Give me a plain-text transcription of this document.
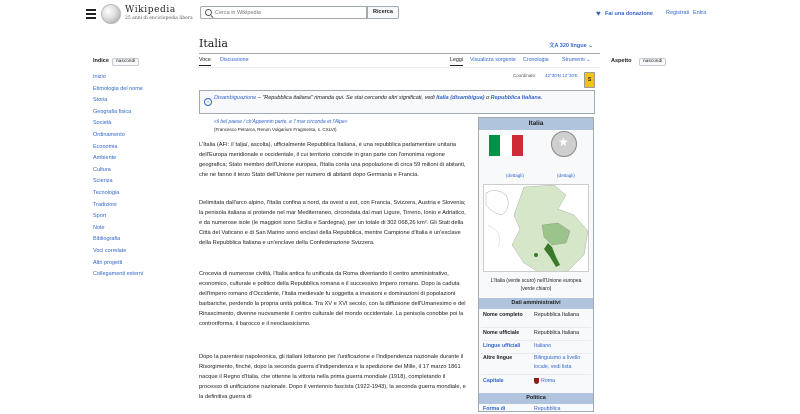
Wikipedia
25 anni di enciclopedia libera
Cerca in Wikipedia
Ricerca	♥ Fai una donazione Registrati Entra
Indice	nascondi
Inizio
Etimologia del nome
Storia
Geografia fisica
Società
Ordinamento
Economia
Ambiente
Cultura
Scienza
Tecnologia
Tradizioni
Sport
Note
Bibliografia
Voci correlate
Altri progetti
Collegamenti esterni
Italia	文A 320 lingue ⌄
Voce Discussione	Leggi Visualizza sorgente Cronologia	Strumenti ⌄	Aspetto	nascondi
Coordinate: 42°30′N 12°30′E
S
+
Disambiguazione – "Repubblica italiana" rimanda qui. Se stai cercando altri significati, vedi Italia (disambigua) o Repubblica Italiana.
«il bel paese / ch'Appennin parte, e 'l mar circonda et l'Alpe»
(Francesco Petrarca, Rerum Vulgarium Fragmenta, s. CXLVI)

L'Italia (AFI: /iˈtalja/, ascolta), ufficialmente Repubblica Italiana, è una repubblica parlamentare unitaria dell'Europa meridionale e occidentale, il cui territorio coincide in gran parte con l'omonima regione geografica; Stato membro dell'Unione europea, l'Italia conta una popolazione di circa 59 milioni di abitanti, che ne fanno il terzo Stato dell'Unione per numero di abitanti dopo Germania e Francia.

Delimitata dall'arco alpino, l'Italia confina a nord, da ovest a est, con Francia, Svizzera, Austria e Slovenia; la penisola italiana si protende nel mar Mediterraneo, circondata dai mari Ligure, Tirreno, Ionio e Adriatico, e da numerose isole (le maggiori sono Sicilia e Sardegna), per un totale di 302 068,26 km². Gli Stati della Città del Vaticano e di San Marino sono enclavi della Repubblica, mentre Campione d'Italia è un'exclave della Repubblica Italiana e un'enclave della Confederazione Svizzera.

Crocevia di numerose civiltà, l'Italia antica fu unificata da Roma diventando il centro amministrativo, economico, culturale e politico della Repubblica romana e il successivo Impero romano. Dopo la caduta dell'Impero romano d'Occidente, l'Italia medievale fu soggetta a invasioni e dominazioni di popolazioni barbariche, perdendo la propria unità politica. Tra XV e XVI secolo, con la diffusione dell'Umanesimo e del Rinascimento, divenne nuovamente il centro culturale del mondo occidentale. La penisola conobbe poi la controriforma, il barocco e il neoclassicismo.

Dopo la parentesi napoleonica, gli italiani lottarono per l'unificazione e l'indipendenza nazionale durante il Risorgimento, finché, dopo la seconda guerra d'indipendenza e la spedizione dei Mille, il 17 marzo 1861 nacque il Regno d'Italia, che ottenne la vittoria nella prima guerra mondiale (1918), completando il processo di unificazione nazionale. Dopo il ventennio fascista (1922-1943), la seconda guerra mondiale, e la definitiva guerra di

Italia
★
(dettagli)	(dettagli)
L'Italia (verde scuro) nell'Unione europea (verde chiaro)
Dati amministrativi
Nome completo	Repubblica Italiana
Nome ufficiale	Repubblica Italiana
Lingue ufficiali	Italiano
Altre lingue	Bilinguismo a livello locale, vedi lista
Capitale	Roma
Politica
Forma di	Repubblica
